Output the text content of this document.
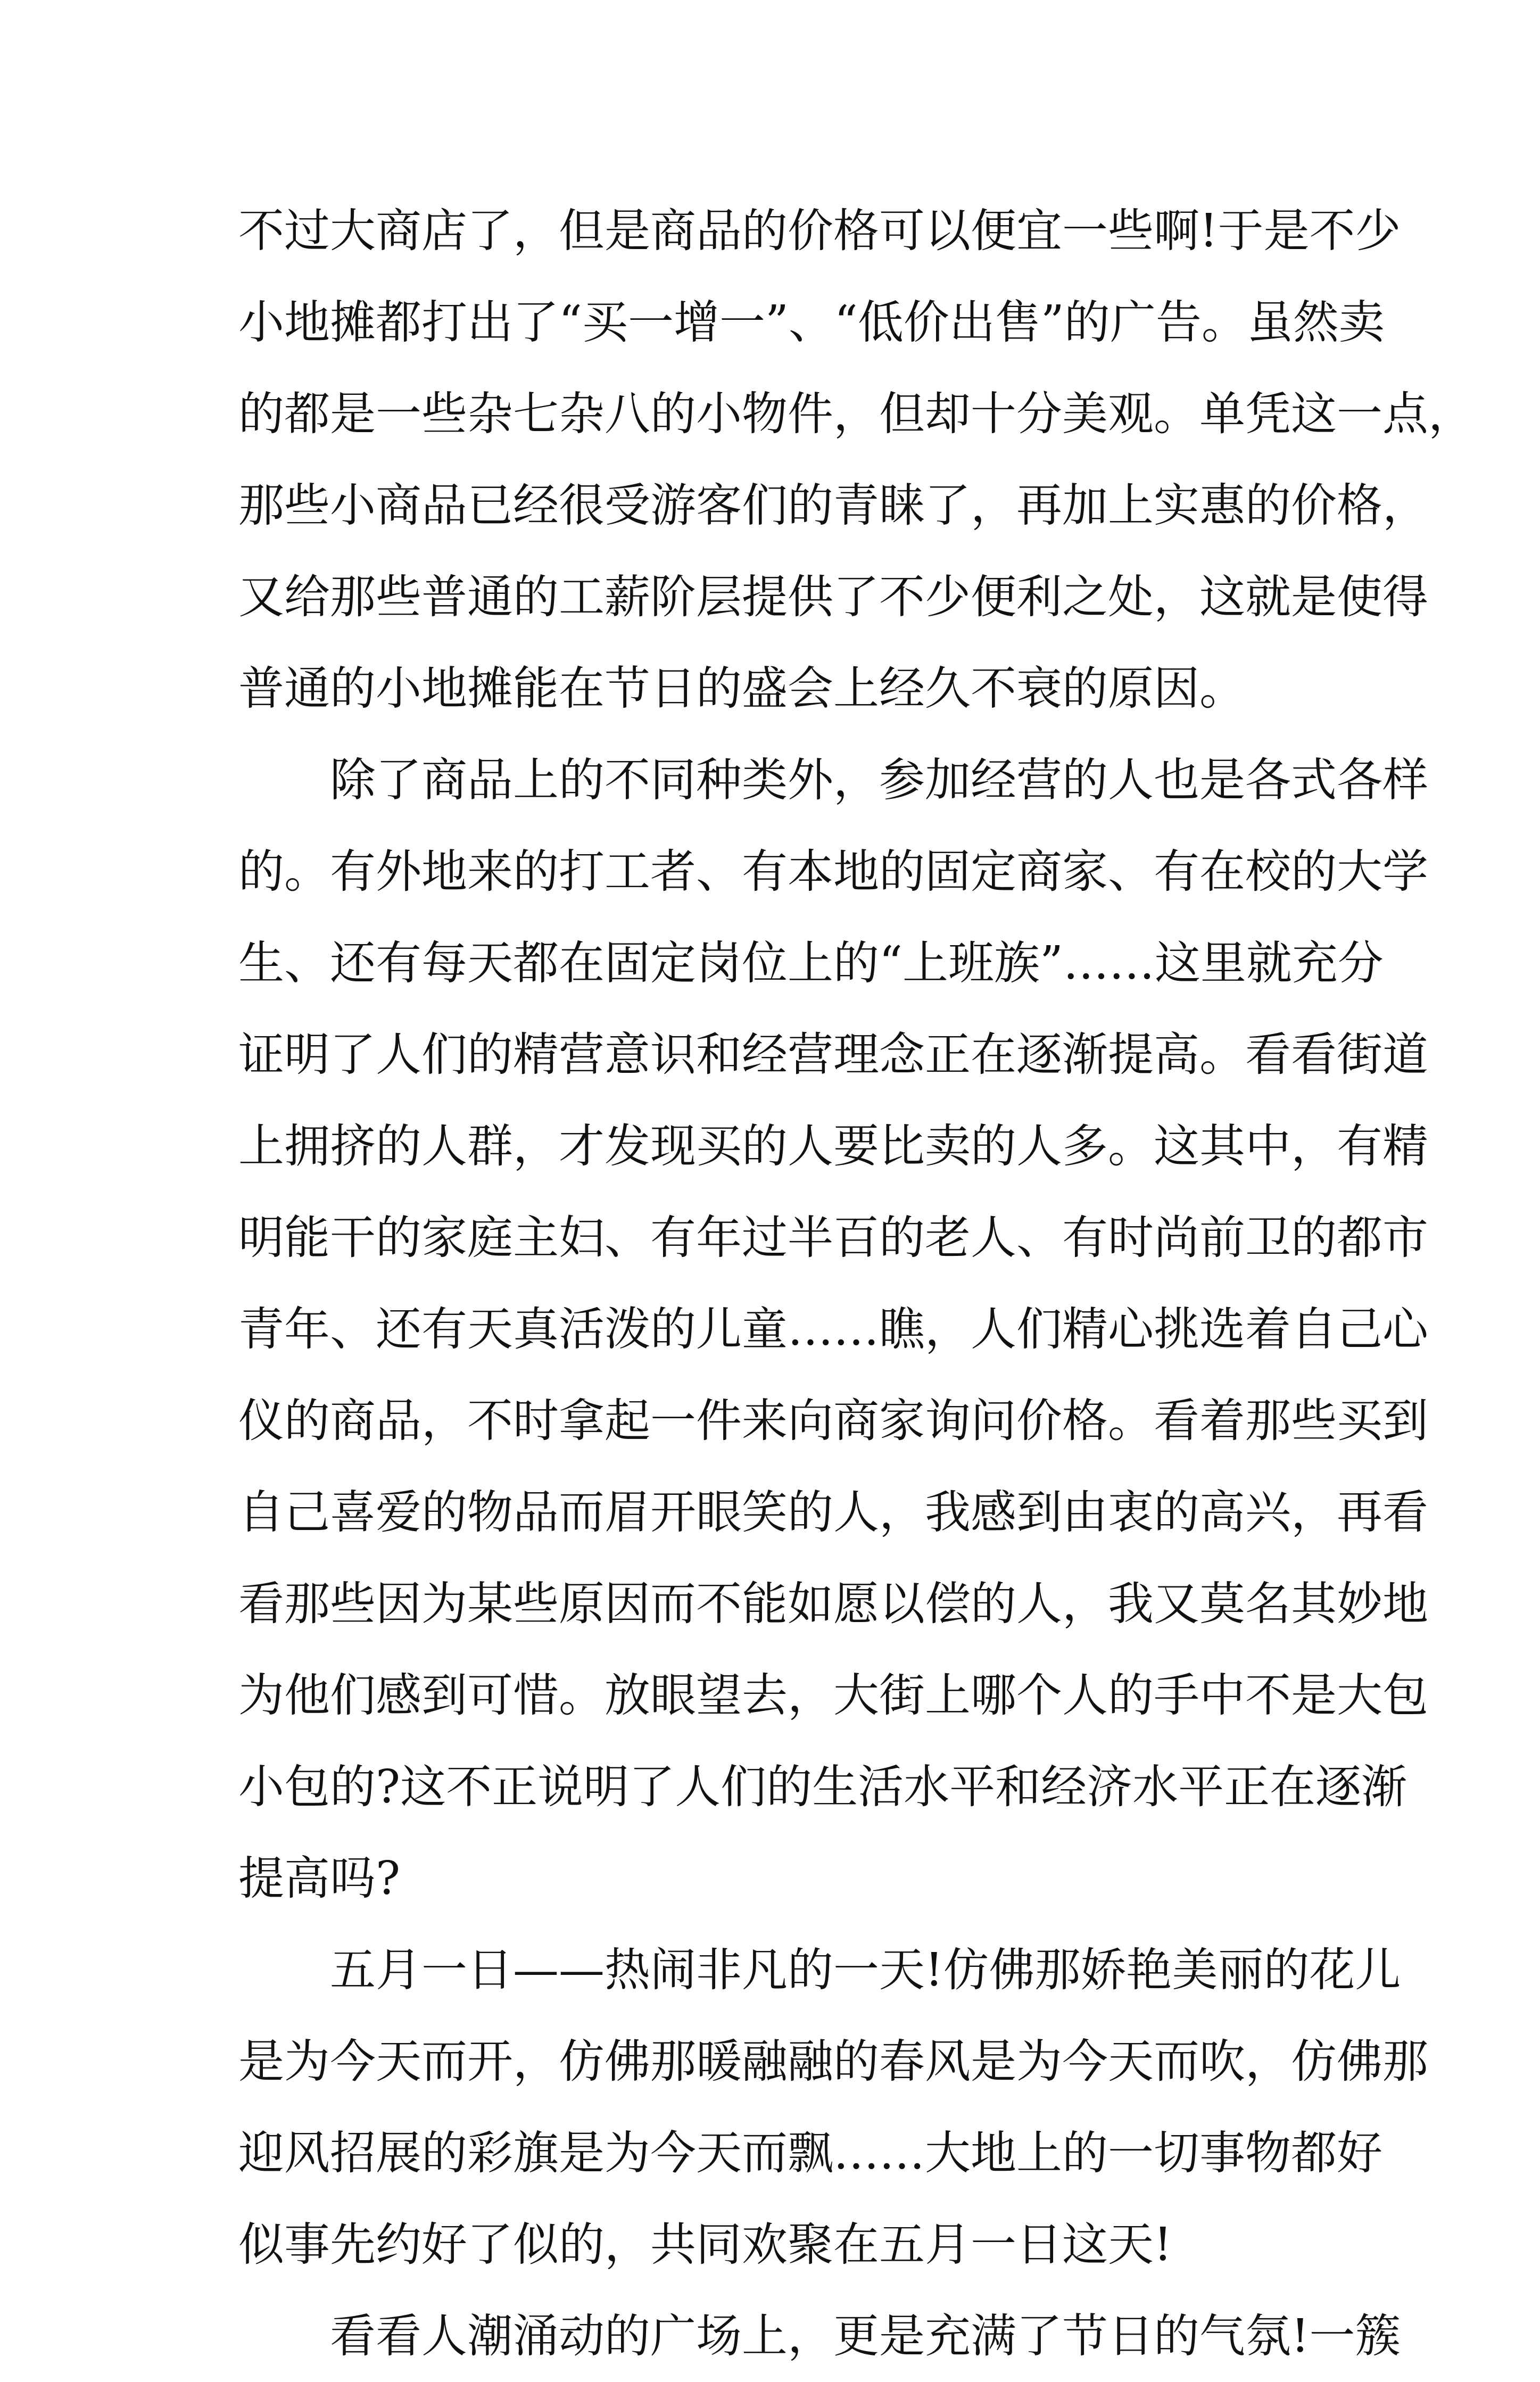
不过大商店了，但是商品的价格可以便宜一些啊!于是不少
小地摊都打出了“买一增一”、“低价出售”的广告。虽然卖
的都是一些杂七杂八的小物件，但却十分美观。单凭这一点，
那些小商品已经很受游客们的青睐了，再加上实惠的价格，
又给那些普通的工薪阶层提供了不少便利之处，这就是使得
普通的小地摊能在节日的盛会上经久不衰的原因。
除了商品上的不同种类外，参加经营的人也是各式各样
的。有外地来的打工者、有本地的固定商家、有在校的大学
生、还有每天都在固定岗位上的“上班族”……这里就充分
证明了人们的精营意识和经营理念正在逐渐提高。看看街道
上拥挤的人群，才发现买的人要比卖的人多。这其中，有精
明能干的家庭主妇、有年过半百的老人、有时尚前卫的都市
青年、还有天真活泼的儿童……瞧，人们精心挑选着自己心
仪的商品，不时拿起一件来向商家询问价格。看着那些买到
自己喜爱的物品而眉开眼笑的人，我感到由衷的高兴，再看
看那些因为某些原因而不能如愿以偿的人，我又莫名其妙地
为他们感到可惜。放眼望去，大街上哪个人的手中不是大包
小包的?这不正说明了人们的生活水平和经济水平正在逐渐
提高吗?
五月一日——热闹非凡的一天!仿佛那娇艳美丽的花儿
是为今天而开，仿佛那暖融融的春风是为今天而吹，仿佛那
迎风招展的彩旗是为今天而飘……大地上的一切事物都好
似事先约好了似的，共同欢聚在五月一日这天!
看看人潮涌动的广场上，更是充满了节日的气氛!一簇
